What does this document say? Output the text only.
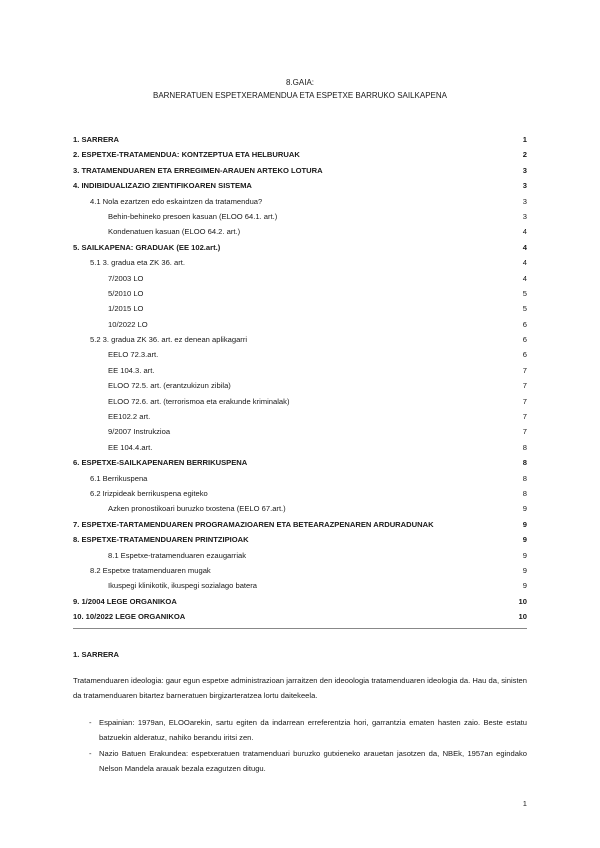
8.GAIA:
BARNERATUEN ESPETXERAMENDUA ETA ESPETXE BARRUKO SAILKAPENA
1. SARRERA	1
2. ESPETXE-TRATAMENDUA: KONTZEPTUA ETA HELBURUAK	2
3. TRATAMENDUAREN ETA ERREGIMEN-ARAUEN ARTEKO LOTURA	3
4. INDIBIDUALIZAZIO ZIENTIFIKOAREN SISTEMA	3
4.1 Nola ezartzen edo eskaintzen da tratamendua?	3
Behin-behineko presoen kasuan (ELOO 64.1. art.)	3
Kondenatuen kasuan (ELOO 64.2. art.)	4
5. SAILKAPENA: GRADUAK (EE 102.art.)	4
5.1 3. gradua eta ZK 36. art.	4
7/2003 LO	4
5/2010 LO	5
1/2015 LO	5
10/2022 LO	6
5.2 3. gradua ZK 36. art. ez denean aplikagarri	6
EELO 72.3.art.	6
EE 104.3. art.	7
ELOO 72.5. art. (erantzukizun zibila)	7
ELOO 72.6. art. (terrorismoa eta erakunde kriminalak)	7
EE102.2 art.	7
9/2007 Instrukzioa	7
EE 104.4.art.	8
6. ESPETXE-SAILKAPENAREN BERRIKUSPENA	8
6.1 Berrikuspena	8
6.2 Irizpideak berrikuspena egiteko	8
Azken pronostikoari buruzko txostena (EELO 67.art.)	9
7. ESPETXE-TARTAMENDUAREN PROGRAMAZIOAREN ETA BETEARAZPENAREN ARDURADUNAK	9
8. ESPETXE-TRATAMENDUAREN PRINTZIPIOAK	9
8.1 Espetxe-tratamenduaren ezaugarriak	9
8.2 Espetxe tratamenduaren mugak	9
Ikuspegi klinikotik, ikuspegi sozialago batera	9
9. 1/2004 LEGE ORGANIKOA	10
10. 10/2022 LEGE ORGANIKOA	10
1. SARRERA
Tratamenduaren ideologia: gaur egun espetxe administrazioan jarraitzen den ideoologia tratamenduaren ideologia da. Hau da, sinisten da tratamenduaren bitartez barneratuen birgizarteratzea lortu daitekeela.
- Espainian: 1979an, ELOOarekin, sartu egiten da indarrean erreferentzia hori, garrantzia ematen hasten zaio. Beste estatu batzuekin alderatuz, nahiko berandu iritsi zen.
- Nazio Batuen Erakundea: espetxeratuen tratamenduari buruzko gutxieneko arauetan jasotzen da, NBEk, 1957an egindako Nelson Mandela arauak bezala ezagutzen ditugu.
1
